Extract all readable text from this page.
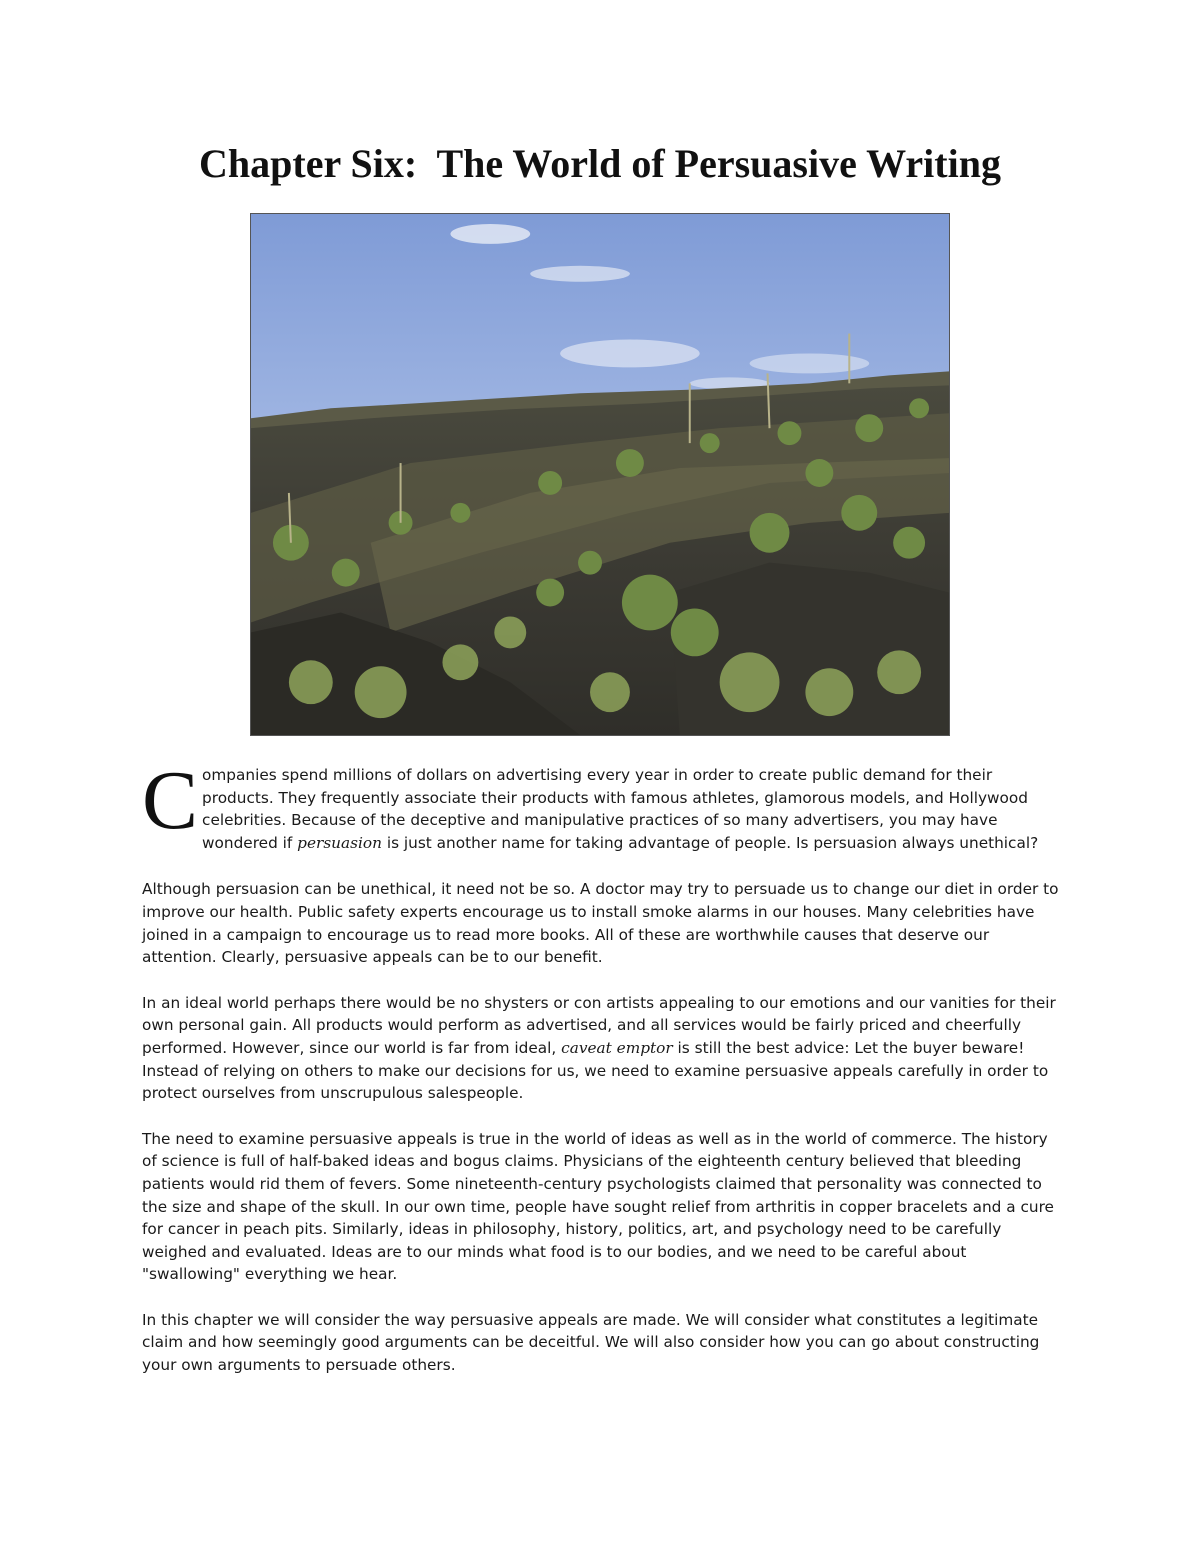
Chapter Six:  The World of Persuasive Writing

Companies spend millions of dollars on advertising every year in order to create public demand for their products. They frequently associate their products with famous athletes, glamorous models, and Hollywood celebrities. Because of the deceptive and manipulative practices of so many advertisers, you may have wondered if persuasion is just another name for taking advantage of people. Is persuasion always unethical?

Although persuasion can be unethical, it need not be so. A doctor may try to persuade us to change our diet in order to improve our health. Public safety experts encourage us to install smoke alarms in our houses. Many celebrities have joined in a campaign to encourage us to read more books. All of these are worthwhile causes that deserve our attention. Clearly, persuasive appeals can be to our benefit.

In an ideal world perhaps there would be no shysters or con artists appealing to our emotions and our vanities for their own personal gain. All products would perform as advertised, and all services would be fairly priced and cheerfully performed. However, since our world is far from ideal, caveat emptor is still the best advice: Let the buyer beware! Instead of relying on others to make our decisions for us, we need to examine persuasive appeals carefully in order to protect ourselves from unscrupulous salespeople.

The need to examine persuasive appeals is true in the world of ideas as well as in the world of commerce. The history of science is full of half-baked ideas and bogus claims. Physicians of the eighteenth century believed that bleeding patients would rid them of fevers. Some nineteenth-century psychologists claimed that personality was connected to the size and shape of the skull. In our own time, people have sought relief from arthritis in copper bracelets and a cure for cancer in peach pits. Similarly, ideas in philosophy, history, politics, art, and psychology need to be carefully weighed and evaluated. Ideas are to our minds what food is to our bodies, and we need to be careful about "swallowing" everything we hear.

In this chapter we will consider the way persuasive appeals are made. We will consider what constitutes a legitimate claim and how seemingly good arguments can be deceitful. We will also consider how you can go about constructing your own arguments to persuade others.
